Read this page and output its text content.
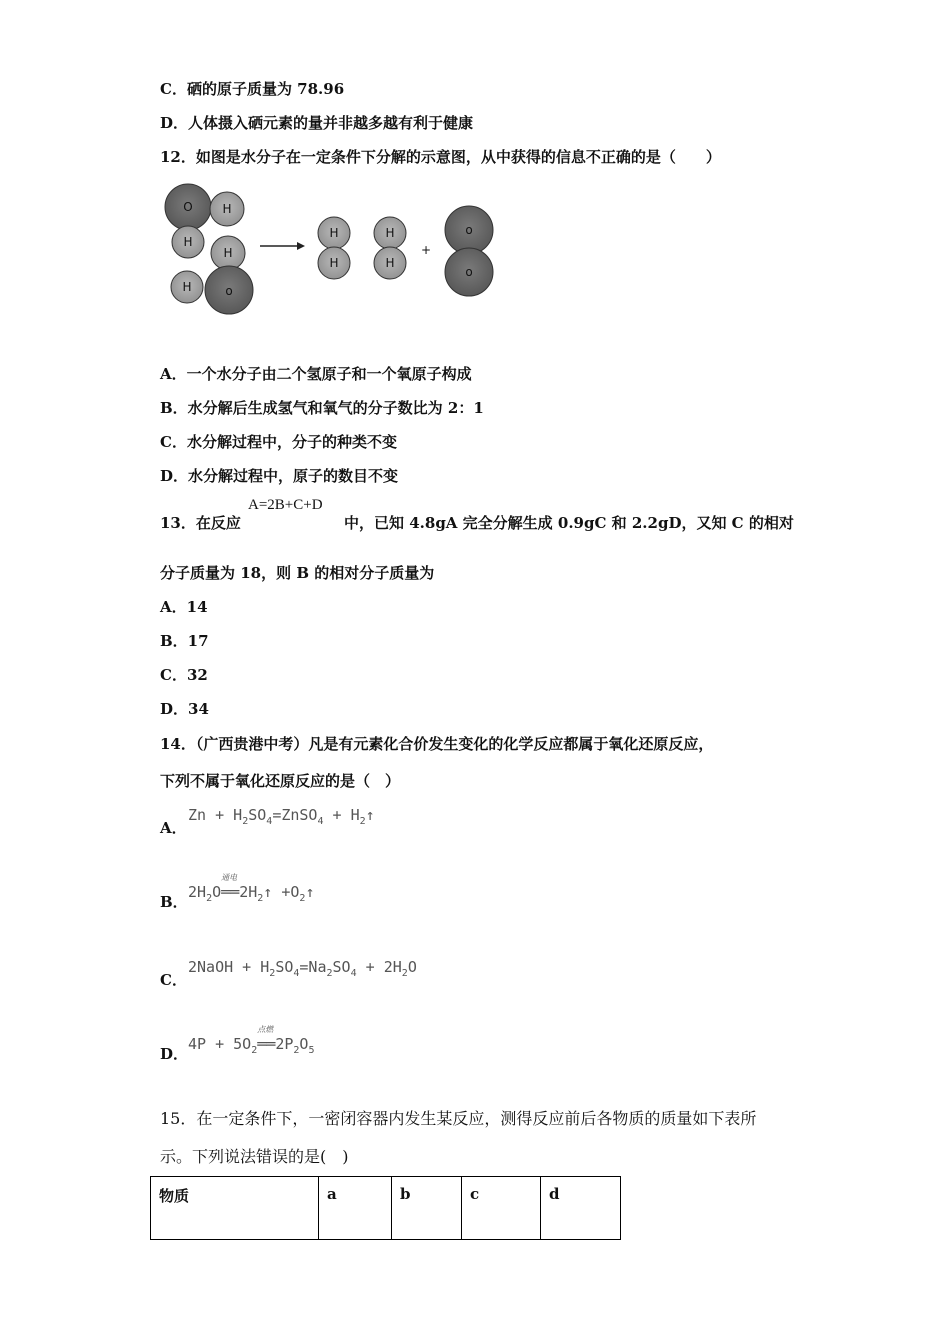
C．硒的原子质量为 78.96
D．人体摄入硒元素的量并非越多越有利于健康
12．如图是水分子在一定条件下分解的示意图，从中获得的信息不正确的是（　　）
O H
H
H
o
H
H
H
H
H
+
o
o
A．一个水分子由二个氢原子和一个氧原子构成
B．水分解后生成氢气和氧气的分子数比为 2：1
C．水分解过程中，分子的种类不变
D．水分解过程中，原子的数目不变
13．在反应
A=2B+C+D
中，已知 4.8gA 完全分解生成 0.9gC 和 2.2gD，又知 C 的相对
分子质量为 18，则 B 的相对分子质量为
A．14
B．17
C．32
D．34
14．（广西贵港中考）凡是有元素化合价发生变化的化学反应都属于氧化还原反应，
下列不属于氧化还原反应的是（　）
A．
$Zn + H_2SO_4=ZnSO_4$ + $H_2↑$
B．
$2H_2O$
通电
$══2H_2↑$ $+O_2↑$
C．
2NaOH + $H_2SO_4=Na_2SO_4 + 2H_2O$
D．
$4P + 5O_2$
点燃
$══2P_2O_5$
15．在一定条件下，一密闭容器内发生某反应，测得反应前后各物质的质量如下表所
示。下列说法错误的是(　)
物质	a	b	c	d
